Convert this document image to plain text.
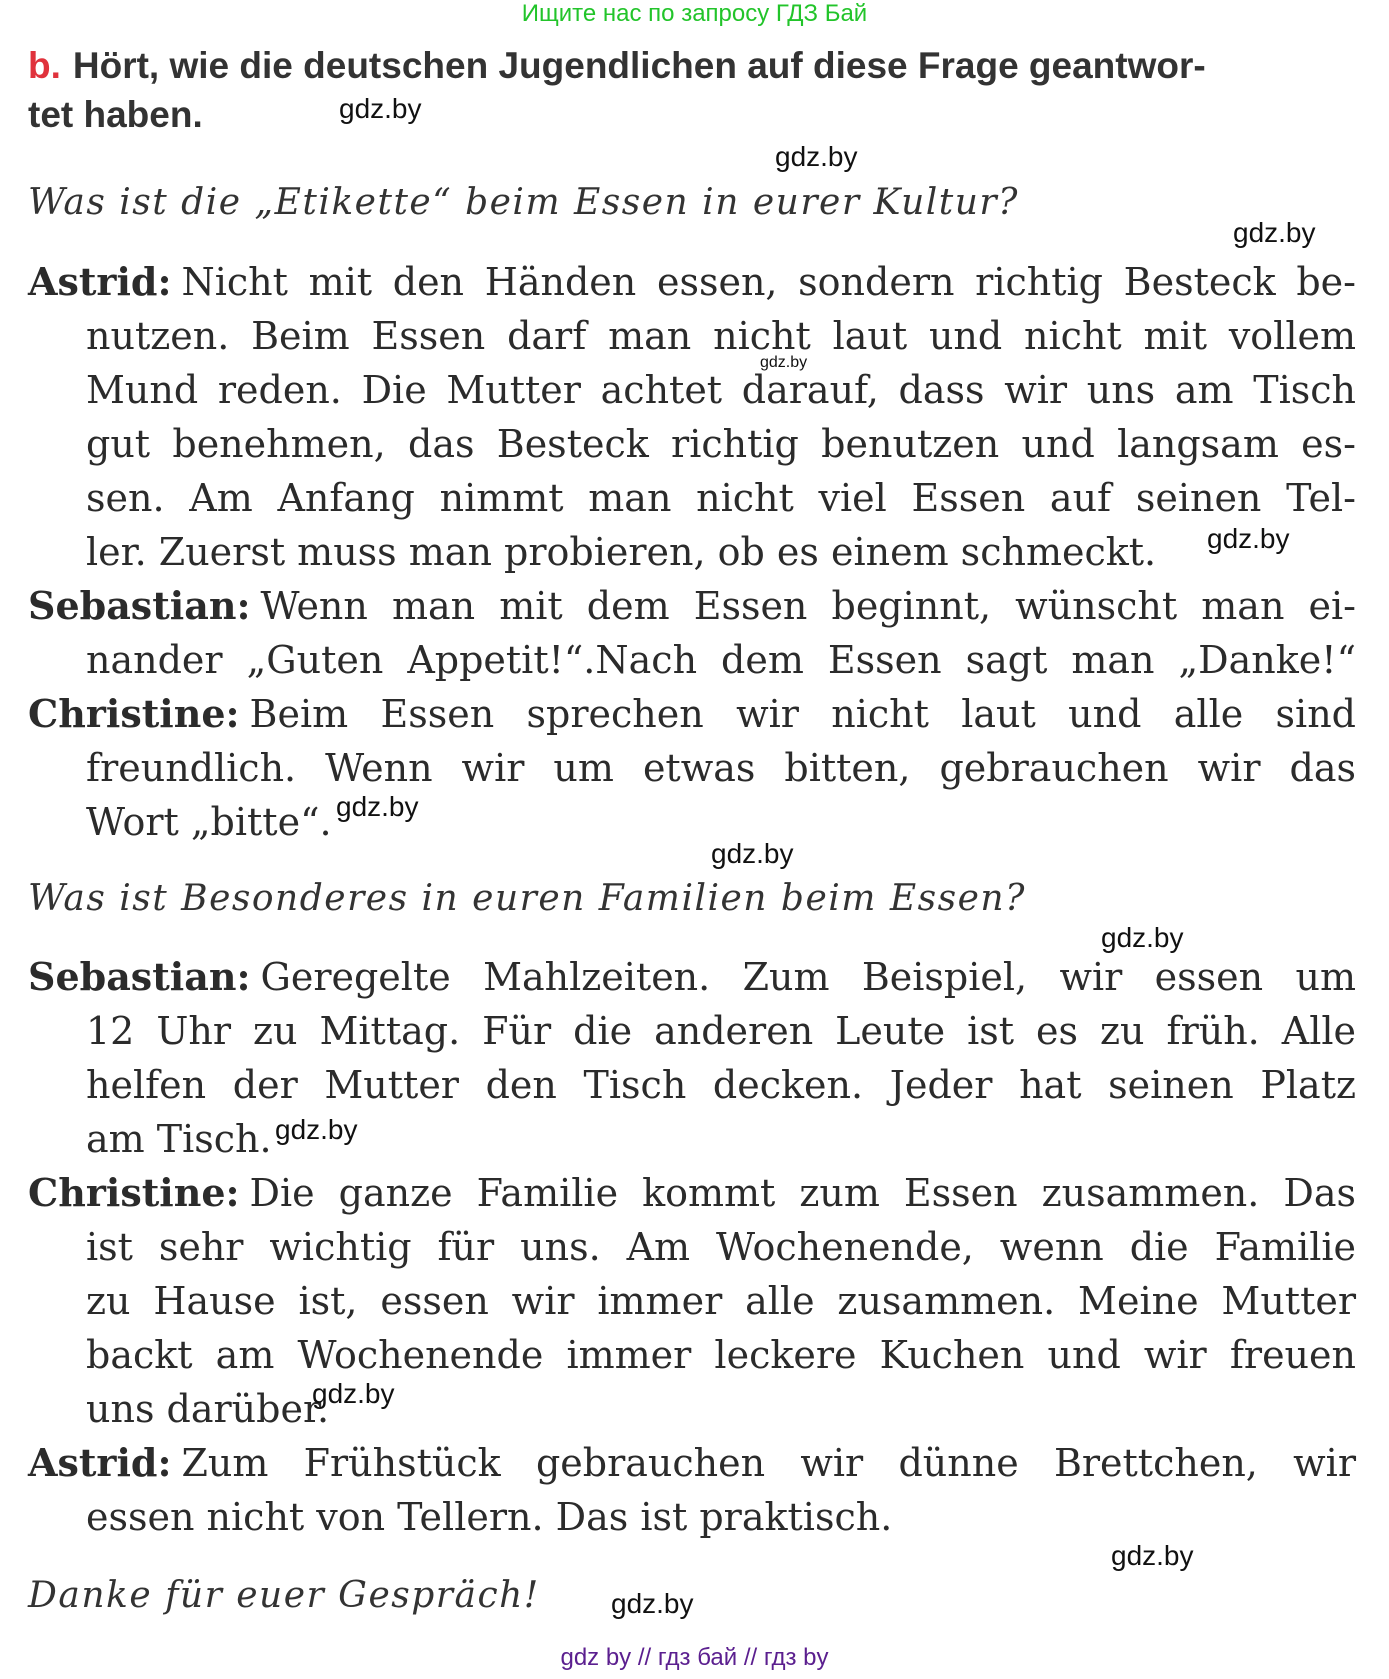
Ищите нас по запросу ГДЗ Бай
b. Hört, wie die deutschen Jugendlichen auf diese Frage geantwor-
tet haben.
Was ist die „Etikette“ beim Essen in eurer Kultur?
Astrid: Nicht mit den Händen essen, sondern richtig Besteck be-
nutzen. Beim Essen darf man nicht laut und nicht mit vollem
Mund reden. Die Mutter achtet darauf, dass wir uns am Tisch
gut benehmen, das Besteck richtig benutzen und langsam es-
sen. Am Anfang nimmt man nicht viel Essen auf seinen Tel-
ler. Zuerst muss man probieren, ob es einem schmeckt.
Sebastian: Wenn man mit dem Essen beginnt, wünscht man ei-
nander „Guten Appetit!“.Nach dem Essen sagt man „Danke!“
Christine: Beim Essen sprechen wir nicht laut und alle sind
freundlich. Wenn wir um etwas bitten, gebrauchen wir das
Wort „bitte“.
Was ist Besonderes in euren Familien beim Essen?
Sebastian: Geregelte Mahlzeiten. Zum Beispiel, wir essen um
12 Uhr zu Mittag. Für die anderen Leute ist es zu früh. Alle
helfen der Mutter den Tisch decken. Jeder hat seinen Platz
am Tisch.
Christine: Die ganze Familie kommt zum Essen zusammen. Das
ist sehr wichtig für uns. Am Wochenende, wenn die Familie
zu Hause ist, essen wir immer alle zusammen. Meine Mutter
backt am Wochenende immer leckere Kuchen und wir freuen
uns darüber.
Astrid: Zum Frühstück gebrauchen wir dünne Brettchen, wir
essen nicht von Tellern. Das ist praktisch.
Danke für euer Gespräch!
gdz.by
gdz.by
gdz.by
gdz.by
gdz.by
gdz.by
gdz.by
gdz.by
gdz.by
gdz.by
gdz.by
gdz.by
gdz by // гдз бай // гдз by
